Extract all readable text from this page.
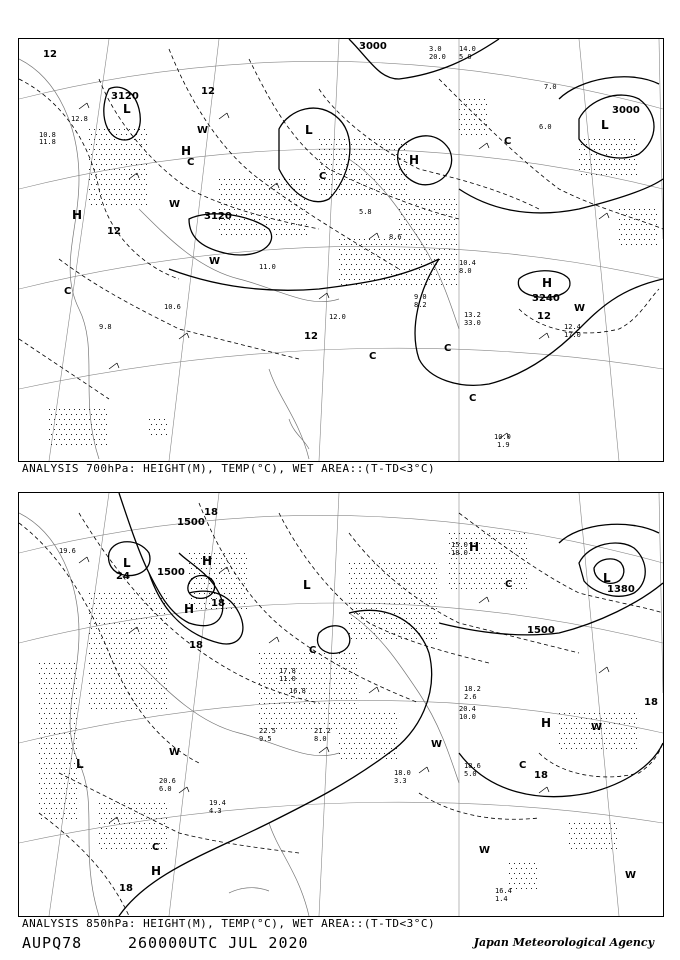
3000
3120
3120
3000
3240
12
12
12
12
12
L
L	L
H
H
H
H
W
W
W
W
C
C
C
C
C
C
C
10.8
11.8
12.8
9.0
8.2
13.2
33.0
10.4
8.0
12.4
17.0
10.0
1.9
14.0
5.0
3.0
20.0
7.0
6.0
11.0
12.0
8.6
5.8
9.8
10.6
ANALYSIS 700hPa: HEIGHT(M), TEMP(°C), WET AREA::(T-TD<3°C)
1500
1500
1500
1380
18
18
18
18
18
24
18
L
L	L
L
H
H
H
H
H
W
W
W
W
W
C
C
C
C
19.4
4.3
18.6
5.0
18.0
3.3
20.4
10.0
18.2
2.6
16.4
1.4
15.0
18.0
21.2
8.0
22.5
9.5
20.6
6.0
17.8
11.0
16.8
19.6
ANALYSIS 850hPa: HEIGHT(M), TEMP(°C), WET AREA::(T-TD<3°C)
AUPQ78	260000UTC JUL 2020	Japan Meteorological Agency
